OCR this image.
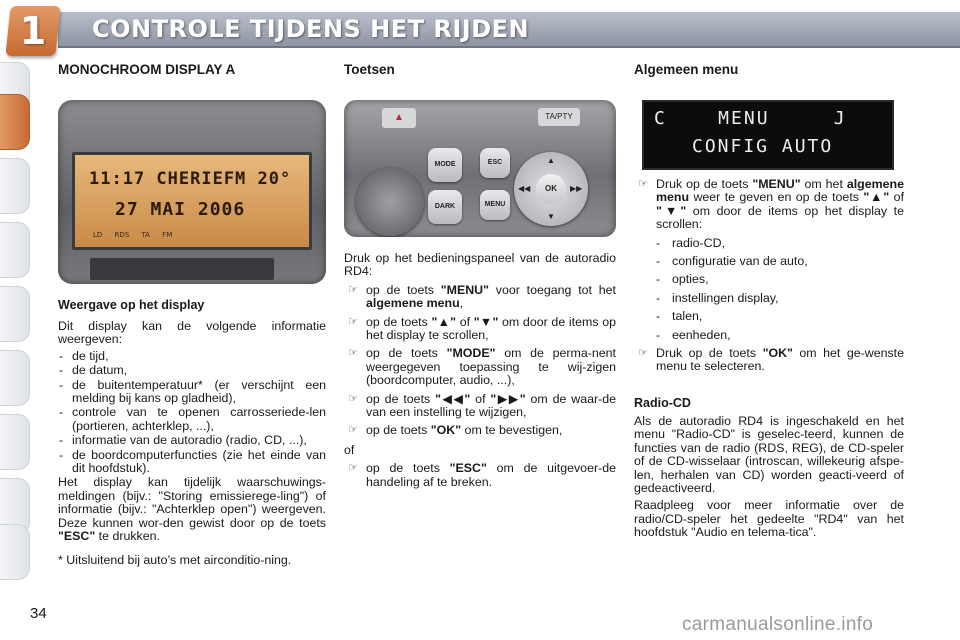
1	CONTROLE TIJDENS HET RIJDEN
34
MONOCHROOM DISPLAY A
11:17 CHERIEFM 20°
27 MAI 2006
LD RDS TA FM
Weergave op het display

Dit display kan de volgende informatie weergeven:

- de tijd,
- de datum,
- de buitentemperatuur* (er verschijnt een melding bij kans op gladheid),
- controle van te openen carrosseriede-len (portieren, achterklep, ...),
- informatie van de autoradio (radio, CD, ...),
- de boordcomputerfuncties (zie het einde van dit hoofdstuk).

Het display kan tijdelijk waarschuwings-meldingen (bijv.: "Storing emissierege-ling") of informatie (bijv.: "Achterklep open") weergeven. Deze kunnen wor-den gewist door op de toets "ESC" te drukken.

* Uitsluitend bij auto’s met airconditio-ning.

Toetsen
▲	TA/PTY
MODE
DARK
ESC
MENU
▲
▼
◀◀	▶▶
OK

Druk op het bedieningspaneel van de autoradio RD4:

☞ op de toets "MENU" voor toegang tot het algemene menu,
☞ op de toets "▲" of "▼" om door de items op het display te scrollen,
☞ op de toets "MODE" om de perma-nent weergegeven toepassing te wij-zigen (boordcomputer, audio, ...),
☞ op de toets "◀◀" of "▶▶" om de waar-de van een instelling te wijzigen,
☞ op de toets "OK" om te bevestigen,

of

☞ op de toets "ESC" om de uitgevoer-de handeling af te breken.
Algemeen menu
C    MENU     J
CONFIG AUTO
☞ Druk op de toets "MENU" om het algemene menu weer te geven en op de toets "▲" of "▼" om door de items op het display te scrollen:
- radio-CD,
- configuratie van de auto,
- opties,
- instellingen display,
- talen,
- eenheden,
☞ Druk op de toets "OK" om het ge-wenste menu te selecteren.
Radio-CD

Als de autoradio RD4 is ingeschakeld en het menu "Radio-CD" is geselec-teerd, kunnen de functies van de radio (RDS, REG), de CD-speler of de CD-wisselaar (introscan, willekeurig afspe-len, herhalen van CD) worden geacti-veerd of gedeactiveerd.

Raadpleeg voor meer informatie over de radio/CD-speler het gedeelte "RD4" van het hoofdstuk "Audio en telema-tica".

carmanualsonline.info
